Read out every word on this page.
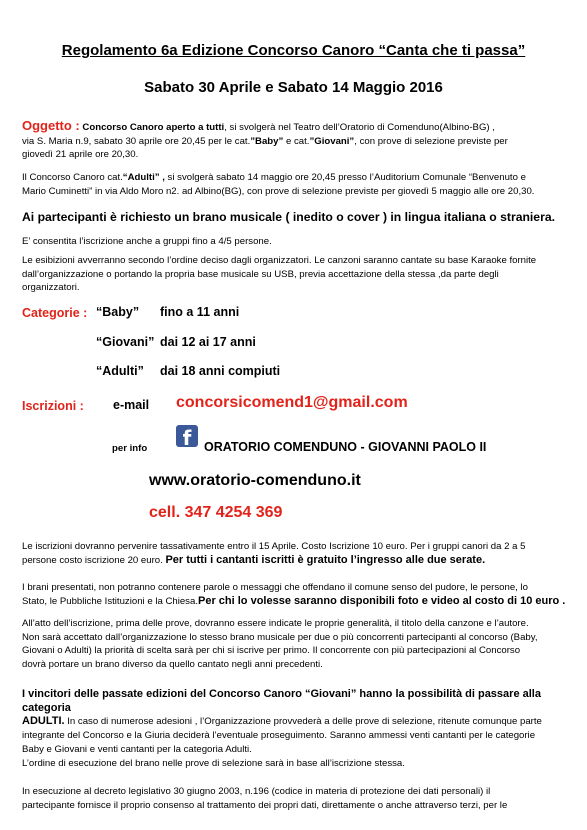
Regolamento 6a Edizione Concorso Canoro “Canta che ti passa”
Sabato 30 Aprile e Sabato 14 Maggio 2016
Oggetto : Concorso Canoro aperto a tutti, si svolgerà nel Teatro dell’Oratorio di Comenduno(Albino-BG) ,
via S. Maria n.9, sabato 30 aprile ore 20,45 per le cat.”Baby” e cat.”Giovani”, con prove di selezione previste per
giovedì 21 aprile ore 20,30.
Il Concorso Canoro cat.“Adulti” , si svolgerà sabato 14 maggio ore 20,45 presso l’Auditorium Comunale “Benvenuto e
Mario Cuminetti” in via Aldo Moro n2. ad Albino(BG), con prove di selezione previste per giovedì 5 maggio alle ore 20,30.
Ai partecipanti è richiesto un brano musicale ( inedito o cover ) in lingua italiana o straniera.
E’ consentita l’iscrizione anche a gruppi fino a 4/5 persone.
Le esibizioni avverranno secondo l’ordine deciso dagli organizzatori. Le canzoni saranno cantate su base Karaoke fornite
dall’organizzazione o portando la propria base musicale su USB, previa accettazione della stessa ,da parte degli
organizzatori.
Categorie : “Baby” fino a 11 anni
“Giovani” dai 12 ai 17 anni
“Adulti” dai 18 anni compiuti
Iscrizioni : e-mail concorsicomend1@gmail.com
per info	f	ORATORIO COMENDUNO - GIOVANNI PAOLO II
www.oratorio-comenduno.it
cell. 347 4254 369
Le iscrizioni dovranno pervenire tassativamente entro il 15 Aprile. Costo Iscrizione 10 euro. Per i gruppi canori da 2 a 5
persone costo iscrizione 20 euro. Per tutti i cantanti iscritti è gratuito l’ingresso alle due serate.
I brani presentati, non potranno contenere parole o messaggi che offendano il comune senso del pudore, le persone, lo
Stato, le Pubbliche Istituzioni e la Chiesa.Per chi lo volesse saranno disponibili foto e video al costo di 10 euro .
All’atto dell’iscrizione, prima delle prove, dovranno essere indicate le proprie generalità, il titolo della canzone e l’autore.
Non sarà accettato dall’organizzazione lo stesso brano musicale per due o più concorrenti partecipanti al concorso (Baby,
Giovani o Adulti) la priorità di scelta sarà per chi si iscrive per primo. Il concorrente con più partecipazioni al Concorso
dovrà portare un brano diverso da quello cantato negli anni precedenti.
I vincitori delle passate edizioni del Concorso Canoro “Giovani” hanno la possibilità di passare alla categoria
ADULTI. In caso di numerose adesioni , l’Organizzazione provvederà a delle prove di selezione, ritenute comunque parte
integrante del Concorso e la Giuria deciderà l’eventuale proseguimento. Saranno ammessi venti cantanti per le categorie
Baby e Giovani e venti cantanti per la categoria Adulti.
L’ordine di esecuzione del brano nelle prove di selezione sarà in base all’iscrizione stessa.
In esecuzione al decreto legislativo 30 giugno 2003, n.196 (codice in materia di protezione dei dati personali) il
partecipante fornisce il proprio consenso al trattamento dei propri dati, direttamente o anche attraverso terzi, per le
